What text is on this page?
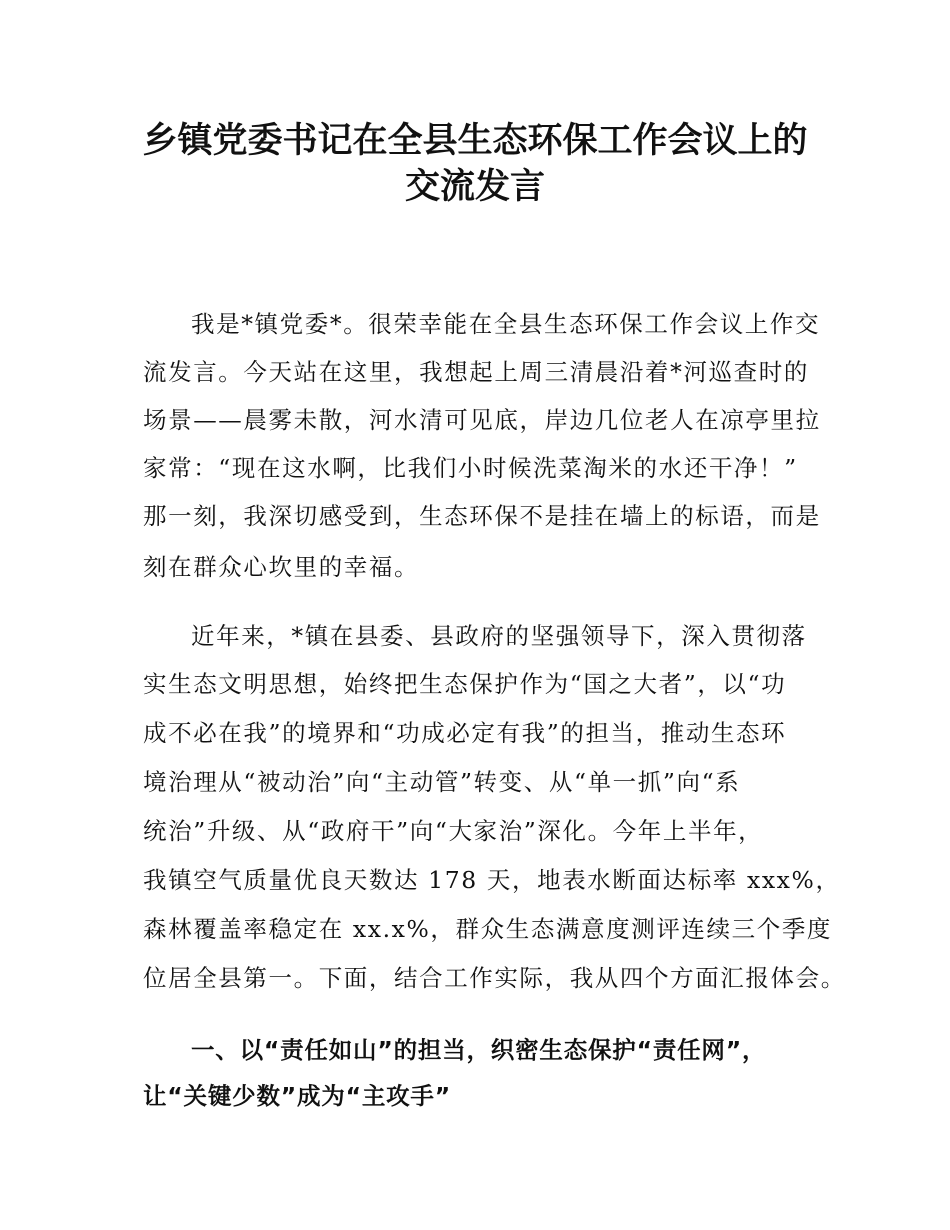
乡镇党委书记在全县生态环保工作会议上的
交流发言
我是*镇党委*。很荣幸能在全县生态环保工作会议上作交
流发言。今天站在这里，我想起上周三清晨沿着*河巡查时的
场景——晨雾未散，河水清可见底，岸边几位老人在凉亭里拉
家常：“现在这水啊，比我们小时候洗菜淘米的水还干净！”
那一刻，我深切感受到，生态环保不是挂在墙上的标语，而是
刻在群众心坎里的幸福。
近年来，*镇在县委、县政府的坚强领导下，深入贯彻落
实生态文明思想，始终把生态保护作为“国之大者”，以“功
成不必在我”的境界和“功成必定有我”的担当，推动生态环
境治理从“被动治”向“主动管”转变、从“单一抓”向“系
统治”升级、从“政府干”向“大家治”深化。今年上半年，
我镇空气质量优良天数达 178 天，地表水断面达标率 xxx%，
森林覆盖率稳定在 xx.x%，群众生态满意度测评连续三个季度
位居全县第一。下面，结合工作实际，我从四个方面汇报体会。
一、以“责任如山”的担当，织密生态保护“责任网”，
让“关键少数”成为“主攻手”
